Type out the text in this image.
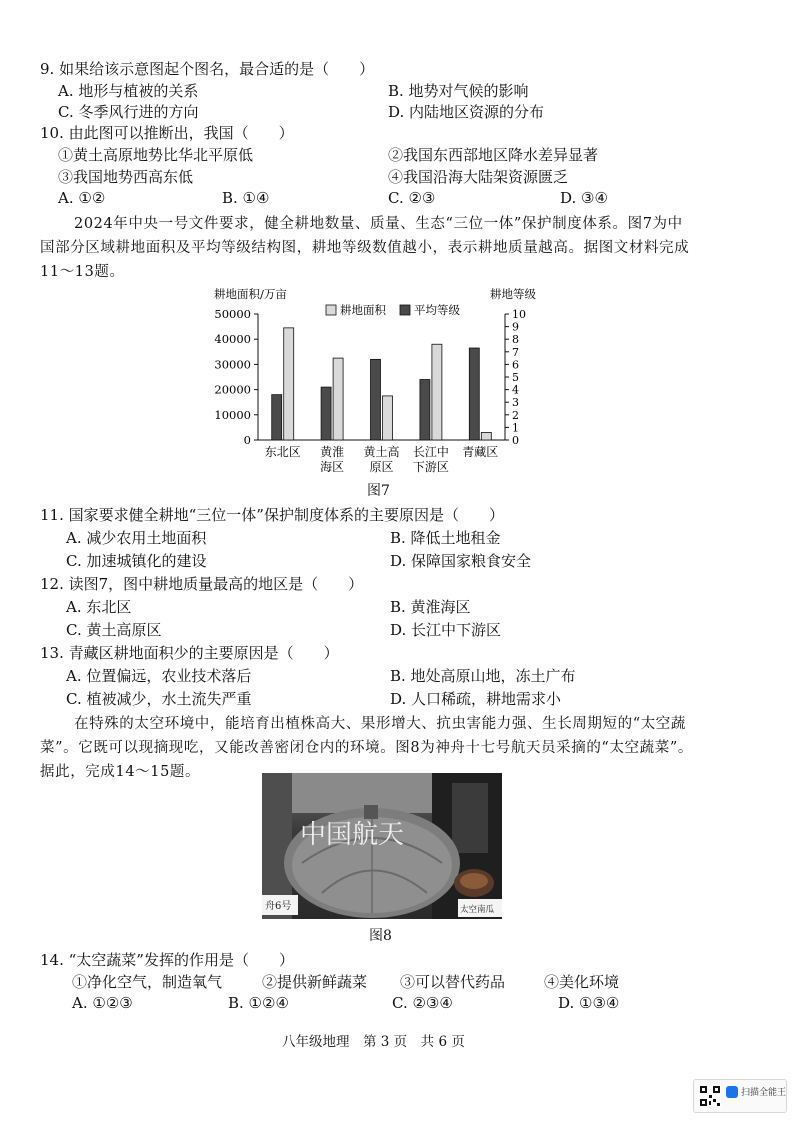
9. 如果给该示意图起个图名，最合适的是（　　）
A. 地形与植被的关系	B. 地势对气候的影响
C. 冬季风行进的方向	D. 内陆地区资源的分布
10. 由此图可以推断出，我国（　　）
①黄土高原地势比华北平原低	②我国东西部地区降水差异显著
③我国地势西高东低	④我国沿海大陆架资源匮乏
A. ①②	B. ①④	C. ②③	D. ③④
2024年中央一号文件要求，健全耕地数量、质量、生态“三位一体”保护制度体系。图7为中
国部分区域耕地面积及平均等级结构图，耕地等级数值越小，表示耕地质量越高。据图文材料完成
11～13题。
耕地面积/万亩	耕地等级
0
10000
20000
30000
40000
50000
0
1
2
3
4
5
6
7
8
9
10
东北区 黄淮
海区
黄土高
原区
长江中
下游区
青藏区
耕地面积 平均等级
图7
11. 国家要求健全耕地“三位一体”保护制度体系的主要原因是（　　）
A. 减少农用土地面积	B. 降低土地租金
C. 加速城镇化的建设	D. 保障国家粮食安全
12. 读图7，图中耕地质量最高的地区是（　　）
A. 东北区	B. 黄淮海区
C. 黄土高原区	D. 长江中下游区
13. 青藏区耕地面积少的主要原因是（　　）
A. 位置偏远，农业技术落后	B. 地处高原山地，冻土广布
C. 植被减少，水土流失严重	D. 人口稀疏，耕地需求小
在特殊的太空环境中，能培育出植株高大、果形增大、抗虫害能力强、生长周期短的“太空蔬
菜”。它既可以现摘现吃，又能改善密闭仓内的环境。图8为神舟十七号航天员采摘的“太空蔬菜”。
据此，完成14～15题。
中国航天
舟6号	太空南瓜
图8
14. “太空蔬菜”发挥的作用是（　　）
①净化空气，制造氧气	②提供新鲜蔬菜 ③可以替代药品	④美化环境
A. ①②③	B. ①②④	C. ②③④	D. ①③④
八年级地理　第 3 页　共 6 页
扫描全能王
